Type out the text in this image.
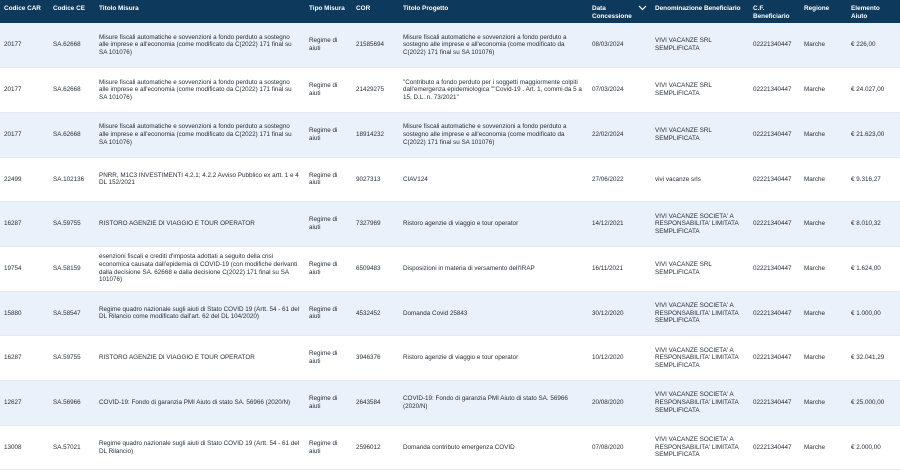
Codice CAR	Codice CE	Titolo Misura	Tipo Misura	COR	Titolo Progetto	Data Concessione	Denominazione Beneficiario	C.F. Beneficiario	Regione	Elemento Aiuto
20177	SA.62668	Misure fiscali automatiche e sovvenzioni a fondo perduto a sostegno alle imprese e all'economia (come modificato da C(2022) 171 final su SA 101076)	Regime di aiuti	21585694	Misure fiscali automatiche e sovvenzioni a fondo perduto a sostegno alle imprese e all'economia (come modificato da C(2022) 171 final su SA 101076)	08/03/2024	VIVI VACANZE SRL SEMPLIFICATA	02221340447	Marche	€ 226,00
20177	SA.62668	Misure fiscali automatiche e sovvenzioni a fondo perduto a sostegno alle imprese e all'economia (come modificato da C(2022) 171 final su SA 101076)	Regime di aiuti	21429275	"Contributo a fondo perduto per i soggetti maggiormente colpiti dall'emergenza epidemiologica ""Covid-19 . Art. 1, commi da 5 a 15, D.L. n. 73/2021"	07/03/2024	VIVI VACANZE SRL SEMPLIFICATA	02221340447	Marche	€ 24.027,00
20177	SA.62668	Misure fiscali automatiche e sovvenzioni a fondo perduto a sostegno alle imprese e all'economia (come modificato da C(2022) 171 final su SA 101076)	Regime di aiuti	18914232	Misure fiscali automatiche e sovvenzioni a fondo perduto a sostegno alle imprese e all'economia (come modificato da C(2022) 171 final su SA 101076)	22/02/2024	VIVI VACANZE SRL SEMPLIFICATA	02221340447	Marche	€ 21.623,00
22499	SA.102136	PNRR, M1C3 INVESTIMENTI 4.2.1; 4.2.2 Avviso Pubblico ex artt. 1 e 4 DL 152/2021	Regime di aiuti	9027313	CIAV124	27/06/2022	vivi vacanze srls	02221340447	Marche	€ 9.316,27
16287	SA.59755	RISTORO AGENZIE DI VIAGGIO E TOUR OPERATOR	Regime di aiuti	7327969	Ristoro agenzie di viaggio e tour operator	14/12/2021	VIVI VACANZE SOCIETA' A RESPONSABILITA' LIMITATA SEMPLIFICATA	02221340447	Marche	€ 8.010,32
19754	SA.58159	esenzioni fiscali e crediti d'imposta adottati a seguito della crisi economica causata dall'epidemia di COVID-19 (con modifiche derivanti dalla decisione SA. 62668 e dalla decisione C(2022) 171 final su SA 101076)	Regime di aiuti	6509483	Disposizioni in materia di versamento dell'IRAP	16/11/2021	VIVI VACANZE SRL SEMPLIFICATA	02221340447	Marche	€ 1.624,00
15880	SA.58547	Regime quadro nazionale sugli aiuti di Stato COVID 19 (Artt. 54 - 61 del DL Rilancio come modificato dall'art. 62 del DL 104/2020)	Regime di aiuti	4532452	Domanda Covid 25843	30/12/2020	VIVI VACANZE SOCIETA' A RESPONSABILITA' LIMITATA SEMPLIFICATA	02221340447	Marche	€ 1.000,00
16287	SA.59755	RISTORO AGENZIE DI VIAGGIO E TOUR OPERATOR	Regime di aiuti	3946376	Ristoro agenzie di viaggio e tour operator	10/12/2020	VIVI VACANZE SOCIETA' A RESPONSABILITA' LIMITATA SEMPLIFICATA	02221340447	Marche	€ 32.041,29
12627	SA.56966	COVID-19: Fondo di garanzia PMI Aiuto di stato SA. 56966 (2020/N)	Regime di aiuti	2643584	COVID-19: Fondo di garanzia PMI Aiuto di stato SA. 56966 (2020/N)	20/08/2020	VIVI VACANZE SOCIETA' A RESPONSABILITA' LIMITATA SEMPLIFICATA	02221340447	Marche	€ 25.000,00
13008	SA.57021	Regime quadro nazionale sugli aiuti di Stato COVID 19 (Artt. 54 - 61 del DL Rilancio)	Regime di aiuti	2596012	Domanda contributo emergenza COVID	07/08/2020	VIVI VACANZE SOCIETA' A RESPONSABILITA' LIMITATA SEMPLIFICATA	02221340447	Marche	€ 2.000,00
